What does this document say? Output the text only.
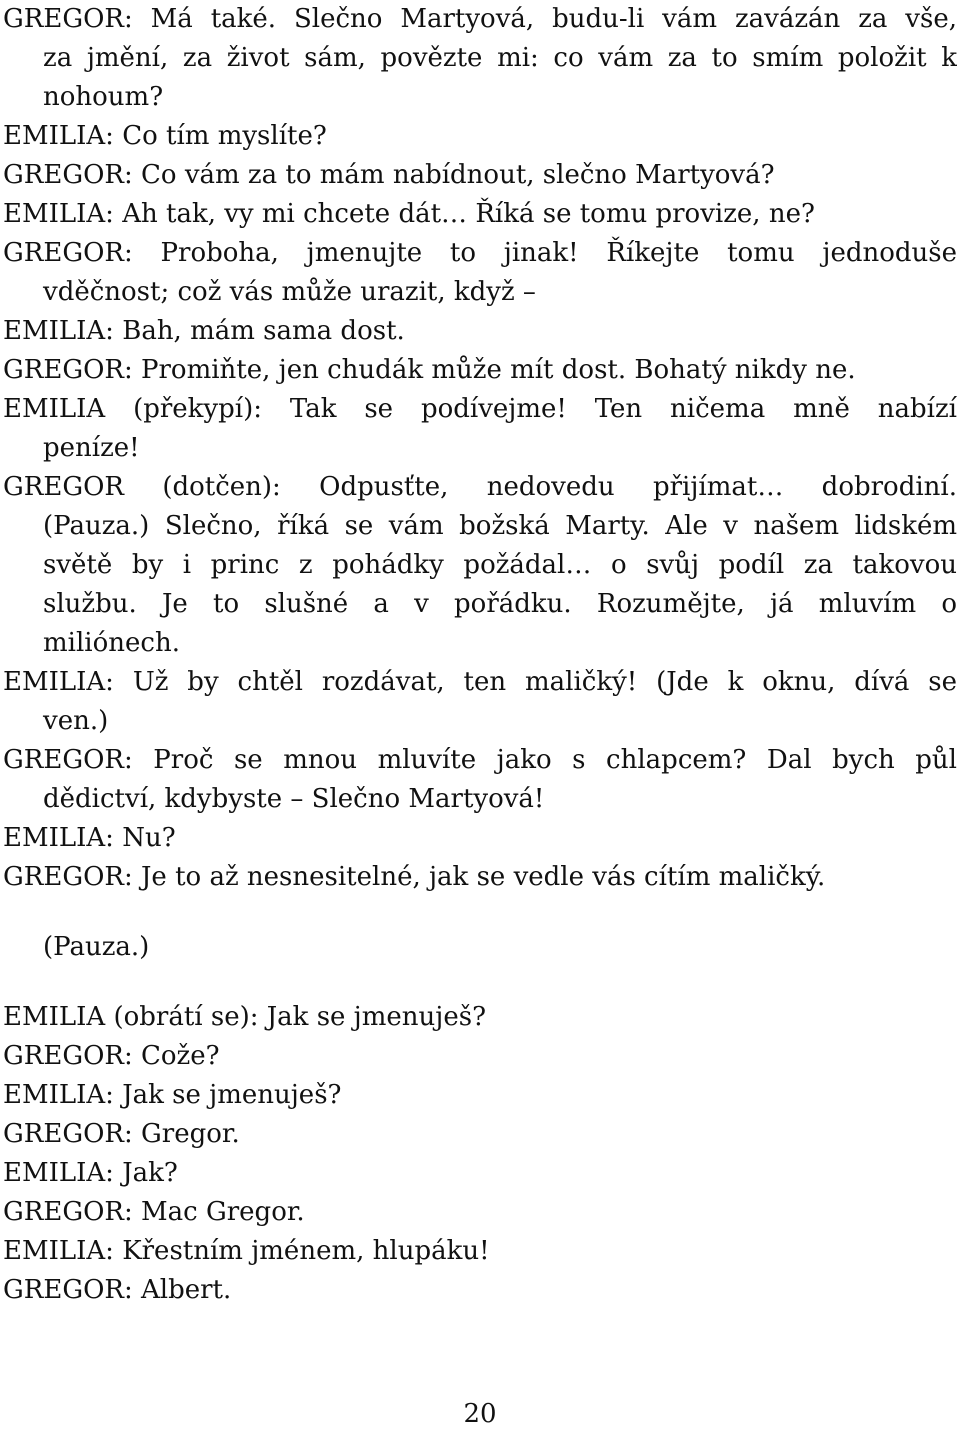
GREGOR: Má také. Slečno Martyová, budu-li vám zavázán za vše,
za jmění, za život sám, povězte mi: co vám za to smím položit k
nohoum?
EMILIA: Co tím myslíte?
GREGOR: Co vám za to mám nabídnout, slečno Martyová?
EMILIA: Ah tak, vy mi chcete dát… Říká se tomu provize, ne?
GREGOR: Proboha, jmenujte to jinak! Říkejte tomu jednoduše
vděčnost; což vás může urazit, když –
EMILIA: Bah, mám sama dost.
GREGOR: Promiňte, jen chudák může mít dost. Bohatý nikdy ne.
EMILIA (překypí): Tak se podívejme! Ten ničema mně nabízí
peníze!
GREGOR (dotčen): Odpusťte, nedovedu přijímat… dobrodiní.
(Pauza.) Slečno, říká se vám božská Marty. Ale v našem lidském
světě by i princ z pohádky požádal… o svůj podíl za takovou
službu. Je to slušné a v pořádku. Rozumějte, já mluvím o
miliónech.
EMILIA: Už by chtěl rozdávat, ten maličký! (Jde k oknu, dívá se
ven.)
GREGOR: Proč se mnou mluvíte jako s chlapcem? Dal bych půl
dědictví, kdybyste – Slečno Martyová!
EMILIA: Nu?
GREGOR: Je to až nesnesitelné, jak se vedle vás cítím maličký.
(Pauza.)
EMILIA (obrátí se): Jak se jmenuješ?
GREGOR: Cože?
EMILIA: Jak se jmenuješ?
GREGOR: Gregor.
EMILIA: Jak?
GREGOR: Mac Gregor.
EMILIA: Křestním jménem, hlupáku!
GREGOR: Albert.
20
